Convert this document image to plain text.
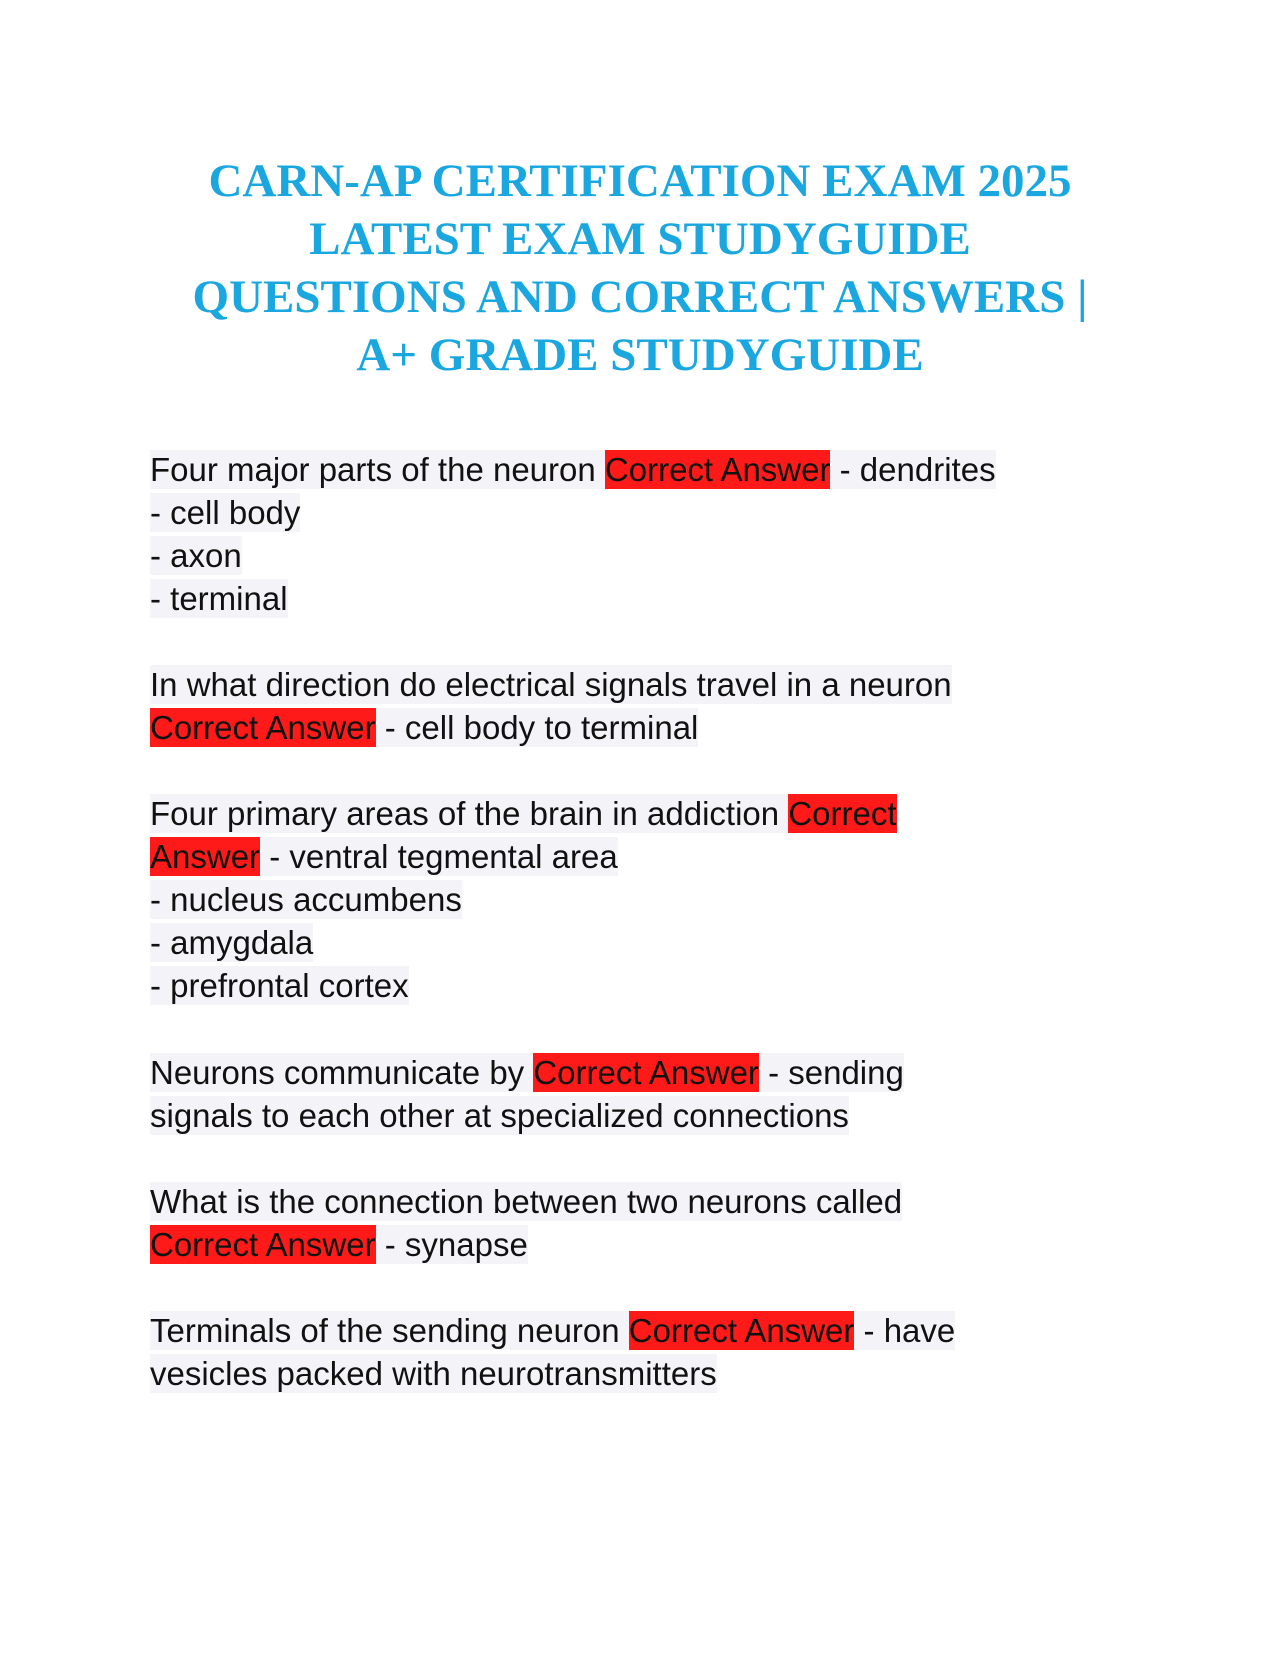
CARN-AP CERTIFICATION EXAM 2025
LATEST EXAM STUDYGUIDE
QUESTIONS AND CORRECT ANSWERS |
A+ GRADE STUDYGUIDE
Four major parts of the neuron Correct Answer - dendrites
- cell body
- axon
- terminal
In what direction do electrical signals travel in a neuron
Correct Answer - cell body to terminal
Four primary areas of the brain in addiction Correct
Answer - ventral tegmental area
- nucleus accumbens
- amygdala
- prefrontal cortex
Neurons communicate by Correct Answer - sending
signals to each other at specialized connections
What is the connection between two neurons called
Correct Answer - synapse
Terminals of the sending neuron Correct Answer - have
vesicles packed with neurotransmitters
